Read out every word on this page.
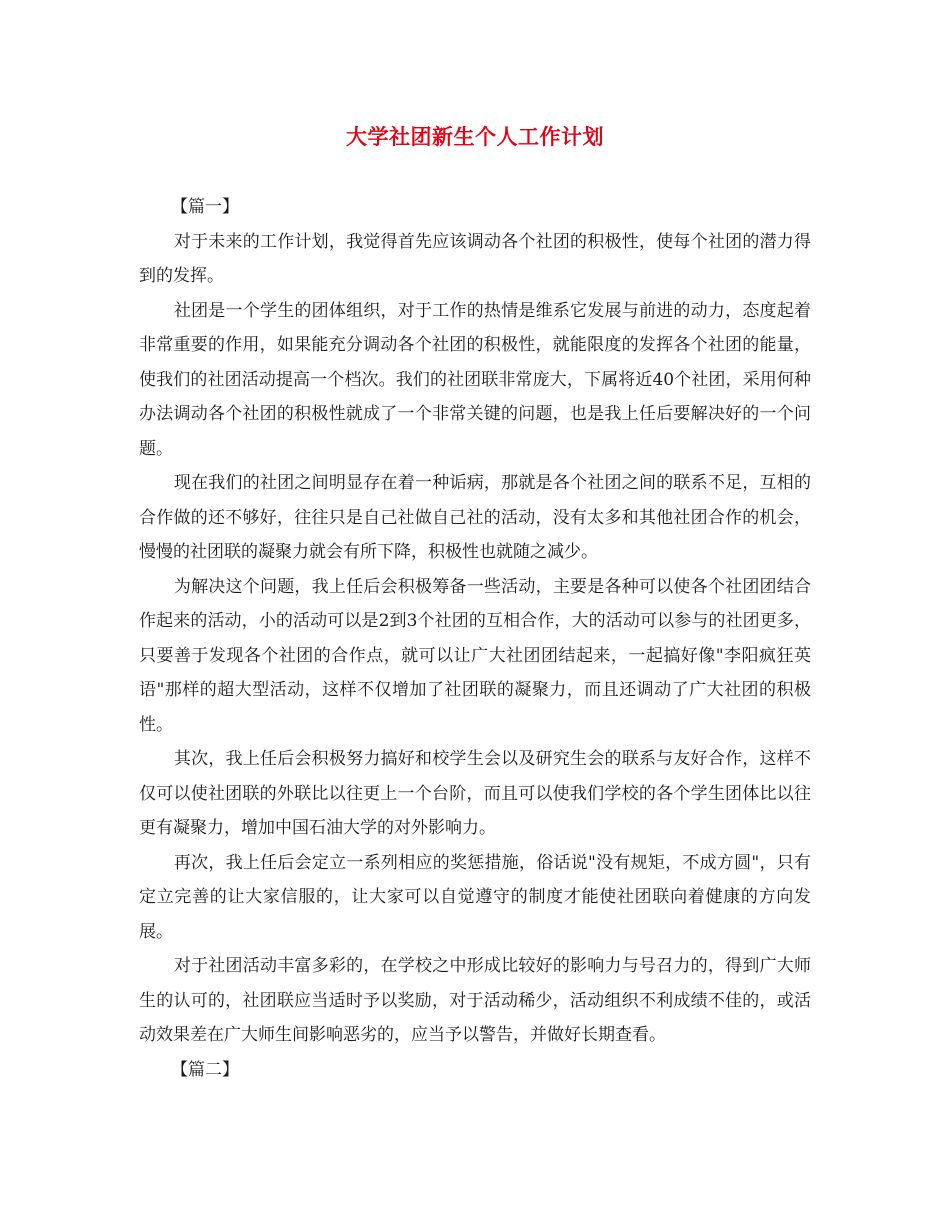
大学社团新生个人工作计划

【篇一】

对于未来的工作计划，我觉得首先应该调动各个社团的积极性，使每个社团的潜力得到的发挥。

社团是一个学生的团体组织，对于工作的热情是维系它发展与前进的动力，态度起着非常重要的作用，如果能充分调动各个社团的积极性，就能限度的发挥各个社团的能量，使我们的社团活动提高一个档次。我们的社团联非常庞大，下属将近40个社团，采用何种办法调动各个社团的积极性就成了一个非常关键的问题，也是我上任后要解决好的一个问题。

现在我们的社团之间明显存在着一种诟病，那就是各个社团之间的联系不足，互相的合作做的还不够好，往往只是自己社做自己社的活动，没有太多和其他社团合作的机会，慢慢的社团联的凝聚力就会有所下降，积极性也就随之减少。

为解决这个问题，我上任后会积极筹备一些活动，主要是各种可以使各个社团团结合作起来的活动，小的活动可以是2到3个社团的互相合作，大的活动可以参与的社团更多，只要善于发现各个社团的合作点，就可以让广大社团团结起来，一起搞好像"李阳疯狂英语"那样的超大型活动，这样不仅增加了社团联的凝聚力，而且还调动了广大社团的积极性。

其次，我上任后会积极努力搞好和校学生会以及研究生会的联系与友好合作，这样不仅可以使社团联的外联比以往更上一个台阶，而且可以使我们学校的各个学生团体比以往更有凝聚力，增加中国石油大学的对外影响力。

再次，我上任后会定立一系列相应的奖惩措施，俗话说"没有规矩，不成方圆"，只有定立完善的让大家信服的，让大家可以自觉遵守的制度才能使社团联向着健康的方向发展。

对于社团活动丰富多彩的，在学校之中形成比较好的影响力与号召力的，得到广大师生的认可的，社团联应当适时予以奖励，对于活动稀少，活动组织不利成绩不佳的，或活动效果差在广大师生间影响恶劣的，应当予以警告，并做好长期查看。

【篇二】
